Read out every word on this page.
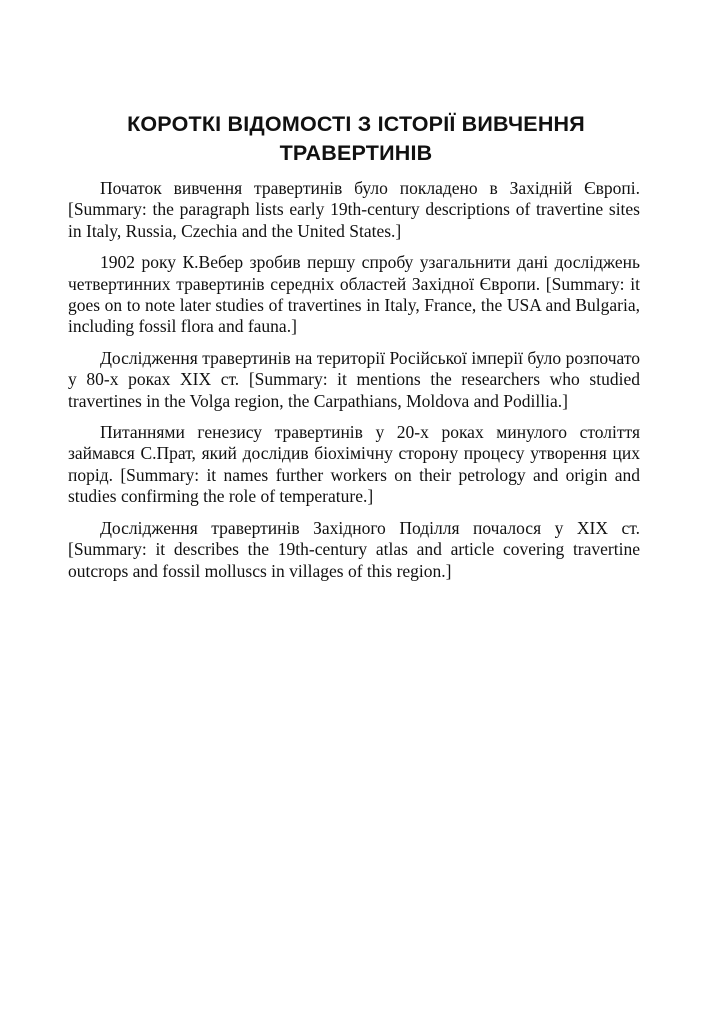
КОРОТКІ ВІДОМОСТІ З ІСТОРІЇ ВИВЧЕННЯ
ТРАВЕРТИНІВ

Початок вивчення травертинів було покладено в Західній Європі. [Summary: the paragraph lists early 19th-century descriptions of travertine sites in Italy, Russia, Czechia and the United States.]

1902 року К.Вебер зробив першу спробу узагальнити дані досліджень четвертинних травертинів середніх областей Західної Європи. [Summary: it goes on to note later studies of travertines in Italy, France, the USA and Bulgaria, including fossil flora and fauna.]

Дослідження травертинів на території Російської імперії було розпочато у 80-х роках XIX ст. [Summary: it mentions the researchers who studied travertines in the Volga region, the Carpathians, Moldova and Podillia.]

Питаннями генезису травертинів у 20-х роках минулого століття займався С.Прат, який дослідив біохімічну сторону процесу утворення цих порід. [Summary: it names further workers on their petrology and origin and studies confirming the role of temperature.]

Дослідження травертинів Західного Поділля почалося у XIX ст. [Summary: it describes the 19th-century atlas and article covering travertine outcrops and fossil molluscs in villages of this region.]
